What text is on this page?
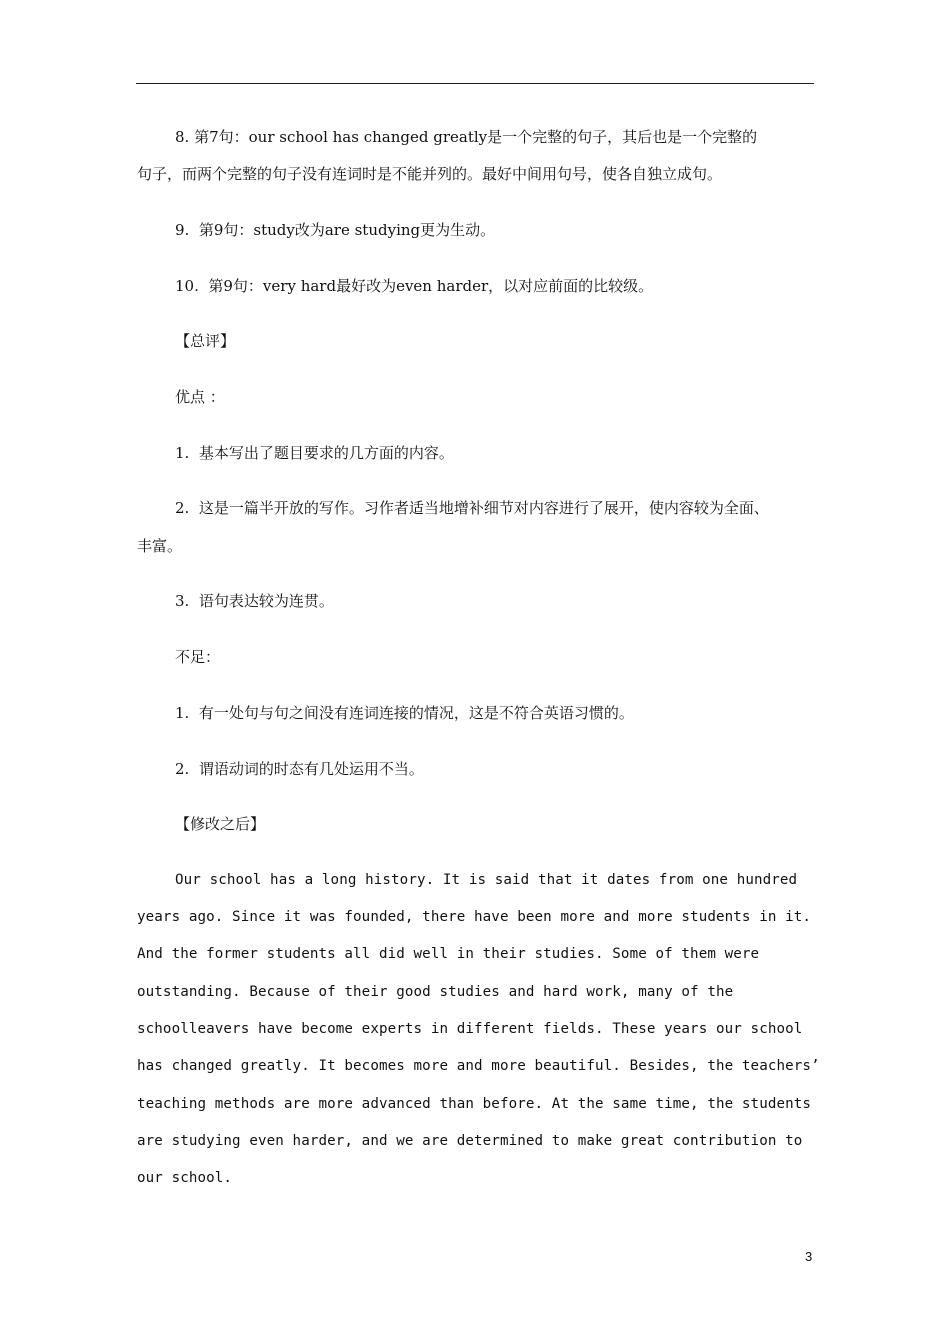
8. 第7句：our school has changed greatly是一个完整的句子，其后也是一个完整的
句子，而两个完整的句子没有连词时是不能并列的。最好中间用句号，使各自独立成句。
9.  第9句：study改为are studying更为生动。
10.  第9句：very hard最好改为even harder，以对应前面的比较级。
【总评】
优点 ：
1.  基本写出了题目要求的几方面的内容。
2.  这是一篇半开放的写作。习作者适当地增补细节对内容进行了展开，使内容较为全面、
丰富。
3.  语句表达较为连贯。
不足：
1.  有一处句与句之间没有连词连接的情况，这是不符合英语习惯的。
2.  谓语动词的时态有几处运用不当。
【修改之后】
Our school has a long history. It is said that it dates from one hundred
years ago. Since it was founded, there have been more and more students in it.
And the former students all did well in their studies. Some of them were
outstanding. Because of their good studies and hard work, many of the
schoolleavers have become experts in different fields. These years our school
has changed greatly. It becomes more and more beautiful. Besides, the teachers’
teaching methods are more advanced than before. At the same time, the students
are studying even harder, and we are determined to make great contribution to
our school.
3
